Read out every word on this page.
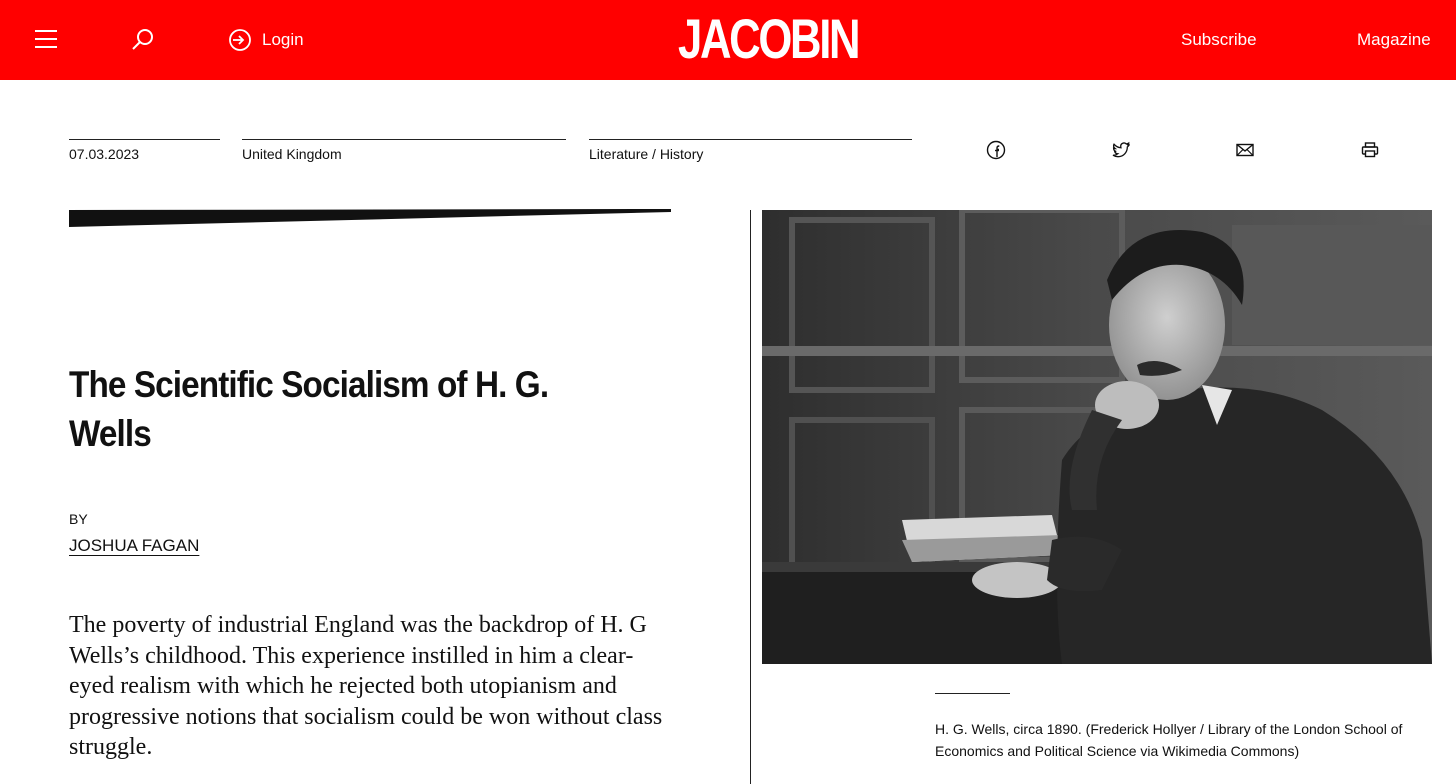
Login	JACOBIN	Subscribe	Magazine
07.03.2023	United Kingdom	Literature / History
The Scientific Socialism of H. G. Wells
BY
JOSHUA FAGAN

The poverty of industrial England was the backdrop of H. G Wells’s childhood. This experience instilled in him a clear-eyed realism with which he rejected both utopianism and progressive notions that socialism could be won without class struggle.

H. G. Wells, circa 1890. (Frederick Hollyer / Library of the London School of Economics and Political Science via Wikimedia Commons)
